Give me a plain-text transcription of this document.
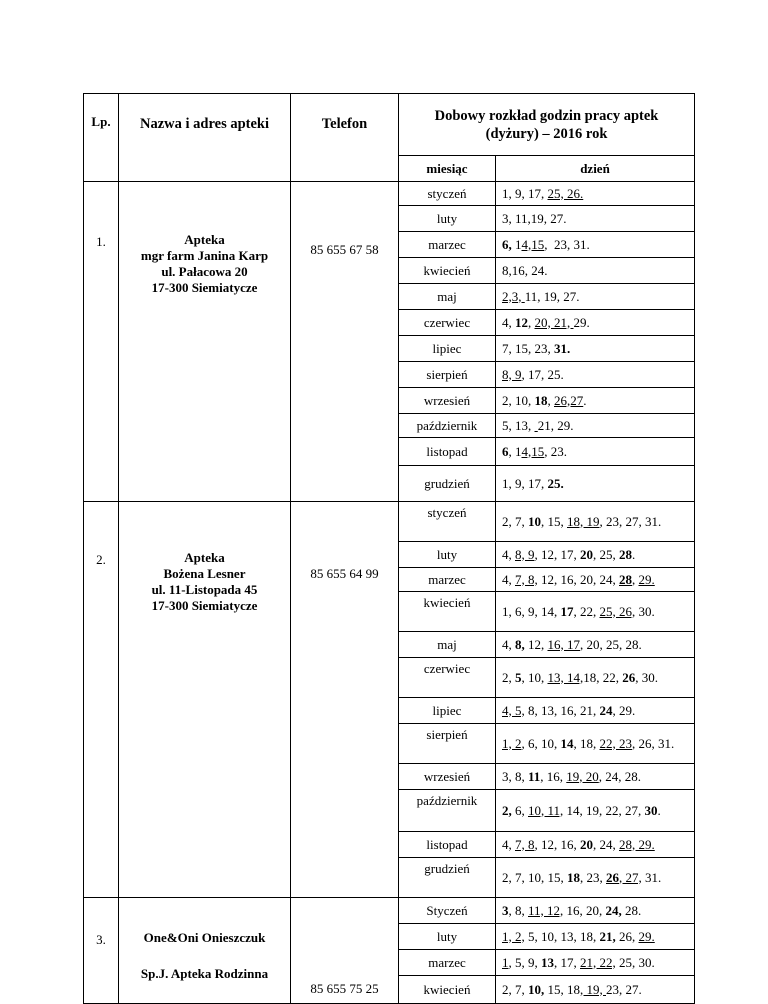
Lp.	Nazwa i adres apteki	Telefon	Dobowy rozkład godzin pracy aptek (dyżury) – 2016 rok	
			miesiąc	dzień
1.	Apteka
mgr farm Janina Karp
ul. Pałacowa 20
17-300 Siemiatycze	85 655 67 58	styczeń	1, 9, 17, 25, 26.
			luty	3, 11,19, 27.
			marzec	6, 14,15,  23, 31.
			kwiecień	8,16, 24.
			maj	2,3, 11, 19, 27.
			czerwiec	4, 12, 20, 21, 29.
			lipiec	7, 15, 23, 31.
			sierpień	8, 9, 17, 25.
			wrzesień	2, 10, 18, 26,27.
			październik	5, 13,  21, 29.
			listopad	6, 14,15, 23.
			grudzień	1, 9, 17, 25.
2.	Apteka
Bożena Lesner
ul. 11-Listopada 45
17-300 Siemiatycze	85 655 64 99	styczeń	2, 7, 10, 15, 18, 19, 23, 27, 31.
			luty	4, 8, 9, 12, 17, 20, 25, 28.
			marzec	4, 7, 8, 12, 16, 20, 24, 28, 29.
			kwiecień	1, 6, 9, 14, 17, 22, 25, 26, 30.
			maj	4, 8, 12, 16, 17, 20, 25, 28.
			czerwiec	2, 5, 10, 13, 14,18, 22, 26, 30.
			lipiec	4, 5, 8, 13, 16, 21, 24, 29.
			sierpień	1, 2, 6, 10, 14, 18, 22, 23, 26, 31.
			wrzesień	3, 8, 11, 16, 19, 20, 24, 28.
			październik	2, 6, 10, 11, 14, 19, 22, 27, 30.
			listopad	4, 7, 8, 12, 16, 20, 24, 28, 29.
			grudzień	2, 7, 10, 15, 18, 23, 26, 27, 31.
3.	One&Oni Onieszczuk
Sp.J. Apteka Rodzinna	85 655 75 25	Styczeń	3, 8, 11, 12, 16, 20, 24, 28.
			luty	1, 2, 5, 10, 13, 18, 21, 26, 29.
			marzec	1, 5, 9, 13, 17, 21, 22, 25, 30.
			kwiecień	2, 7, 10, 15, 18, 19, 23, 27.
